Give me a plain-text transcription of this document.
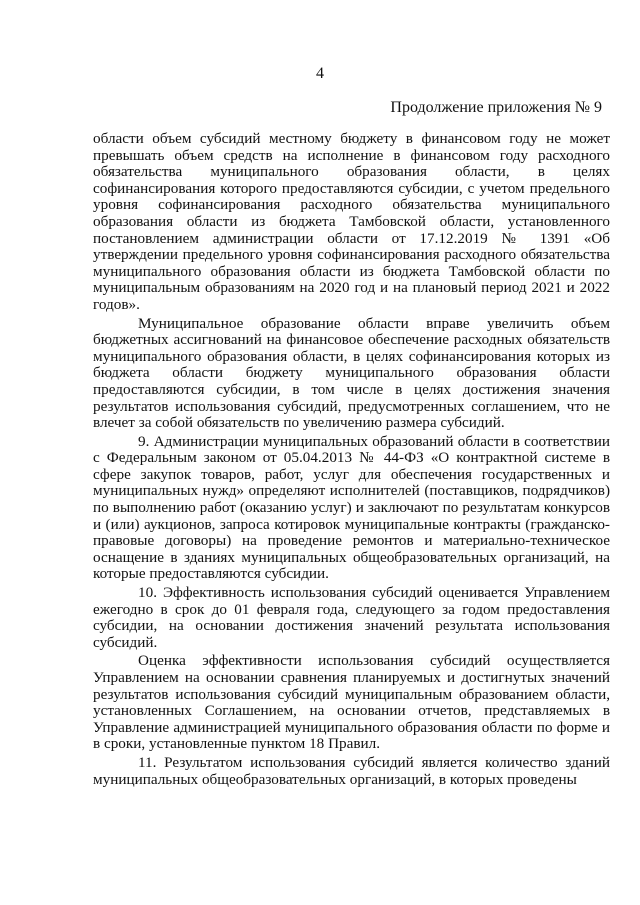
4
Продолжение приложения № 9

области объем субсидий местному бюджету в финансовом году не может превышать объем средств на исполнение в финансовом году расходного обязательства муниципального образования области, в целях софинансирования которого предоставляются субсидии, с учетом предельного уровня софинансирования расходного обязательства муниципального образования области из бюджета Тамбовской области, установленного постановлением администрации области от 17.12.2019 № 1391 «Об утверждении предельного уровня софинансирования расходного обязательства муниципального образования области из бюджета Тамбовской области по муниципальным образованиям на 2020 год и на плановый период 2021 и 2022 годов».

Муниципальное образование области вправе увеличить объем бюджетных ассигнований на финансовое обеспечение расходных обязательств муниципального образования области, в целях софинансирования которых из бюджета области бюджету муниципального образования области предоставляются субсидии, в том числе в целях достижения значения результатов использования субсидий, предусмотренных соглашением, что не влечет за собой обязательств по увеличению размера субсидий.

9. Администрации муниципальных образований области в соответствии с Федеральным законом от 05.04.2013 № 44-ФЗ «О контрактной системе в сфере закупок товаров, работ, услуг для обеспечения государственных и муниципальных нужд» определяют исполнителей (поставщиков, подрядчиков) по выполнению работ (оказанию услуг) и заключают по результатам конкурсов и (или) аукционов, запроса котировок муниципальные контракты (гражданско-правовые договоры) на проведение ремонтов и материально-техническое оснащение в зданиях муниципальных общеобразовательных организаций, на которые предоставляются субсидии.

10. Эффективность использования субсидий оценивается Управлением ежегодно в срок до 01 февраля года, следующего за годом предоставления субсидии, на основании достижения значений результата использования субсидий.

Оценка эффективности использования субсидий осуществляется Управлением на основании сравнения планируемых и достигнутых значений результатов использования субсидий муниципальным образованием области, установленных Соглашением, на основании отчетов, представляемых в Управление администрацией муниципального образования области по форме и в сроки, установленные пунктом 18 Правил.

11. Результатом использования субсидий является количество зданий муниципальных общеобразовательных организаций, в которых проведены
